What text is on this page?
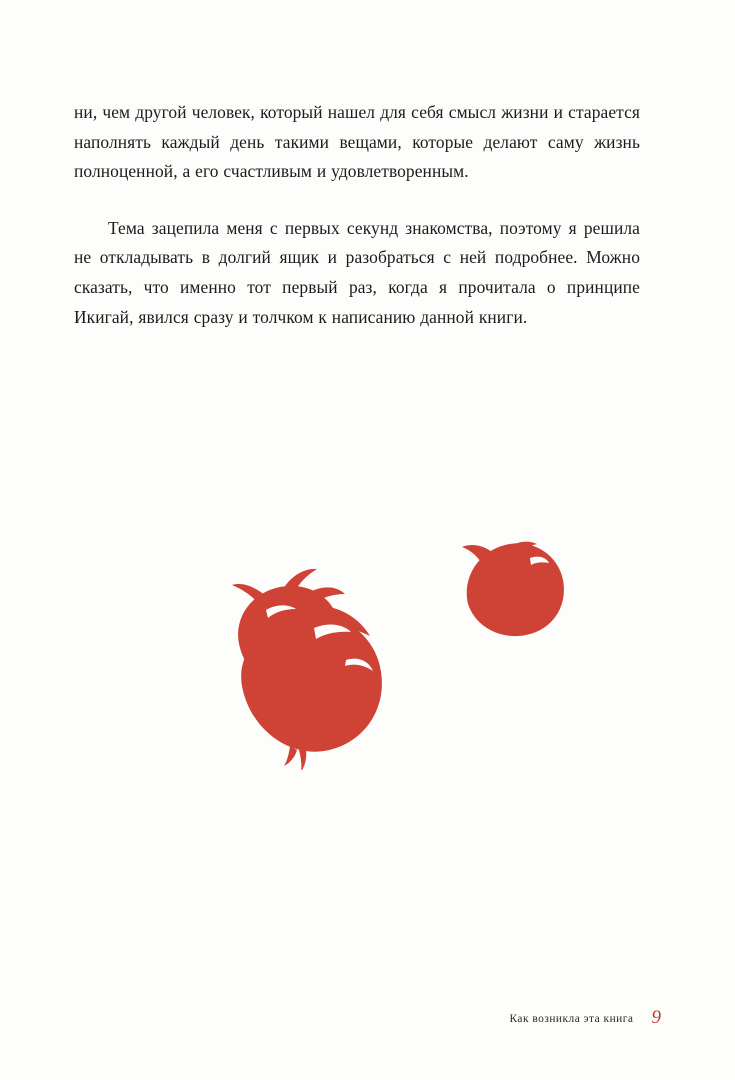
ни, чем другой человек, который нашел для себя смысл жизни и старается наполнять каждый день такими вещами, которые делают саму жизнь полноценной, а его счастливым и удовлетворенным.

Тема зацепила меня с первых секунд знакомства, поэтому я решила не откладывать в долгий ящик и разобраться с ней подробнее. Можно сказать, что именно тот первый раз, когда я прочитала о принципе Икигай, явился сразу и толчком к написанию данной книги.

Как возникла эта книга 9
